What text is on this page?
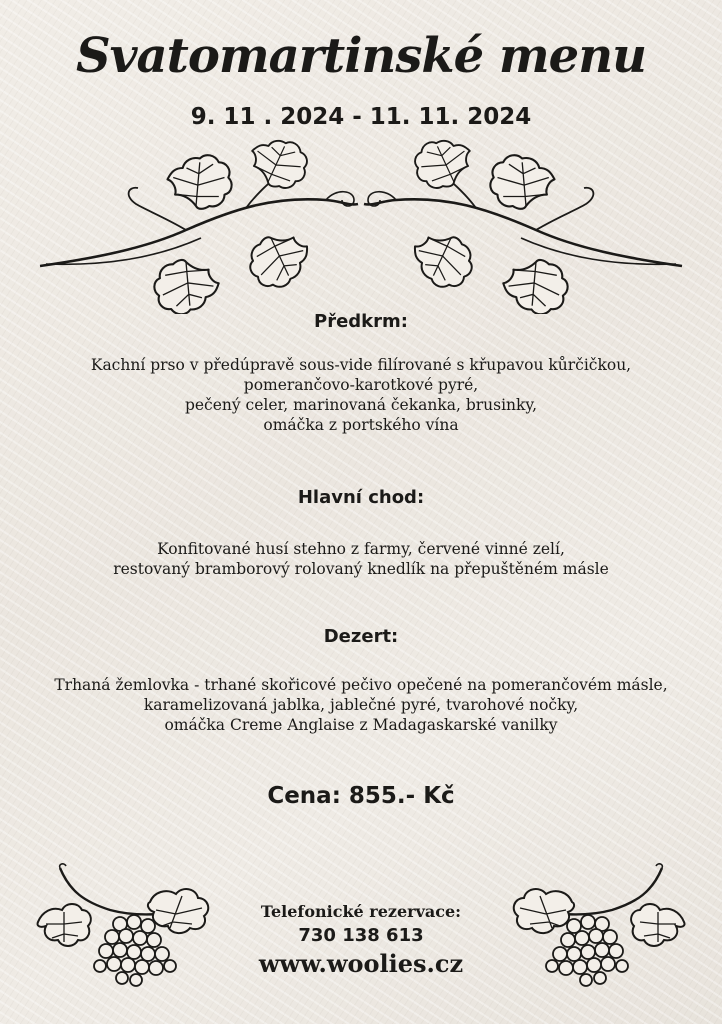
Svatomartinské menu
9. 11 . 2024 - 11. 11. 2024
Předkrm:
Kachní prso v předúpravě sous-vide filírované s křupavou kůrčičkou,
pomerančovo-karotkové pyré,
pečený celer, marinovaná čekanka, brusinky,
omáčka z portského vína
Hlavní chod:
Konfitované husí stehno z farmy, červené vinné zelí,
restovaný bramborový rolovaný knedlík na přepuštěném másle
Dezert:
Trhaná žemlovka - trhané skořicové pečivo opečené na pomerančovém másle,
karamelizovaná jablka, jablečné pyré, tvarohové nočky,
omáčka Creme Anglaise z Madagaskarské vanilky
Cena: 855.- Kč
Telefonické rezervace:
730 138 613
www.woolies.cz
